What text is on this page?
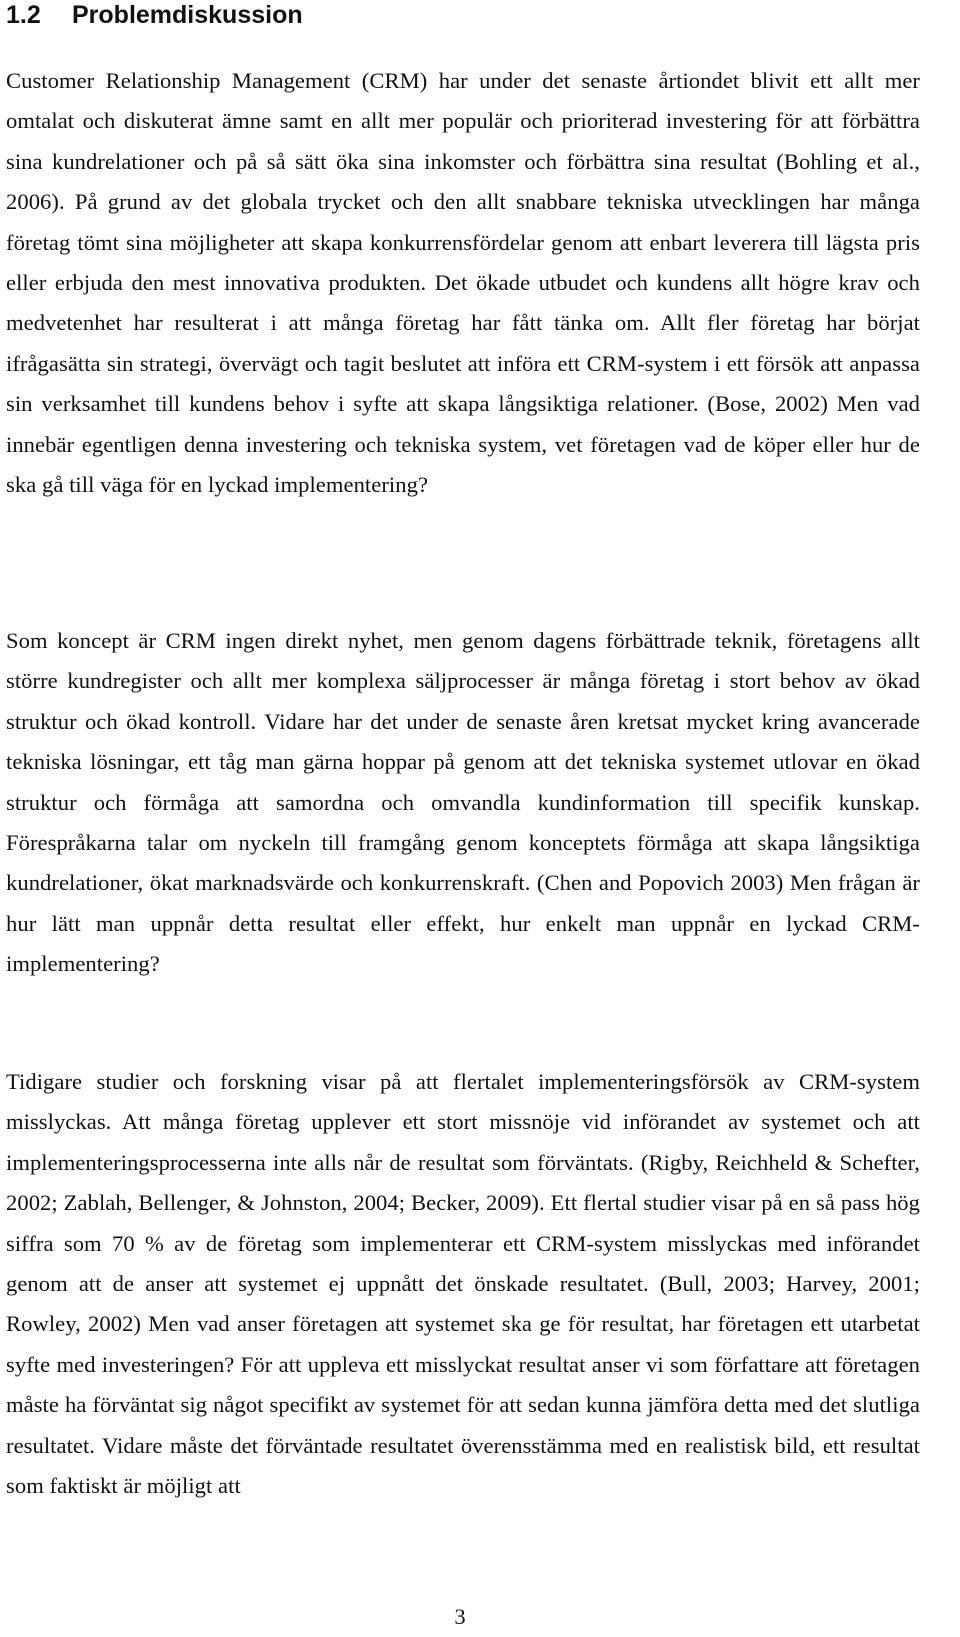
1.2 Problemdiskussion

Customer Relationship Management (CRM) har under det senaste årtiondet blivit ett allt mer omtalat och diskuterat ämne samt en allt mer populär och prioriterad investering för att förbättra sina kundrelationer och på så sätt öka sina inkomster och förbättra sina resultat (Bohling et al., 2006). På grund av det globala trycket och den allt snabbare tekniska utvecklingen har många företag tömt sina möjligheter att skapa konkurrensfördelar genom att enbart leverera till lägsta pris eller erbjuda den mest innovativa produkten. Det ökade utbudet och kundens allt högre krav och medvetenhet har resulterat i att många företag har fått tänka om. Allt fler företag har börjat ifrågasätta sin strategi, övervägt och tagit beslutet att införa ett CRM-system i ett försök att anpassa sin verksamhet till kundens behov i syfte att skapa långsiktiga relationer. (Bose, 2002) Men vad innebär egentligen denna investering och tekniska system, vet företagen vad de köper eller hur de ska gå till väga för en lyckad implementering?

Som koncept är CRM ingen direkt nyhet, men genom dagens förbättrade teknik, företagens allt större kundregister och allt mer komplexa säljprocesser är många företag i stort behov av ökad struktur och ökad kontroll. Vidare har det under de senaste åren kretsat mycket kring avancerade tekniska lösningar, ett tåg man gärna hoppar på genom att det tekniska systemet utlovar en ökad struktur och förmåga att samordna och omvandla kundinformation till specifik kunskap. Förespråkarna talar om nyckeln till framgång genom konceptets förmåga att skapa långsiktiga kundrelationer, ökat marknadsvärde och konkurrenskraft. (Chen and Popovich 2003) Men frågan är hur lätt man uppnår detta resultat eller effekt, hur enkelt man uppnår en lyckad CRM-implementering?

Tidigare studier och forskning visar på att flertalet implementeringsförsök av CRM-system misslyckas. Att många företag upplever ett stort missnöje vid införandet av systemet och att implementeringsprocesserna inte alls når de resultat som förväntats. (Rigby, Reichheld & Schefter, 2002; Zablah, Bellenger, & Johnston, 2004; Becker, 2009). Ett flertal studier visar på en så pass hög siffra som 70 % av de företag som implementerar ett CRM-system misslyckas med införandet genom att de anser att systemet ej uppnått det önskade resultatet. (Bull, 2003; Harvey, 2001; Rowley, 2002) Men vad anser företagen att systemet ska ge för resultat, har företagen ett utarbetat syfte med investeringen? För att uppleva ett misslyckat resultat anser vi som författare att företagen måste ha förväntat sig något specifikt av systemet för att sedan kunna jämföra detta med det slutliga resultatet. Vidare måste det förväntade resultatet överensstämma med en realistisk bild, ett resultat som faktiskt är möjligt att

3
